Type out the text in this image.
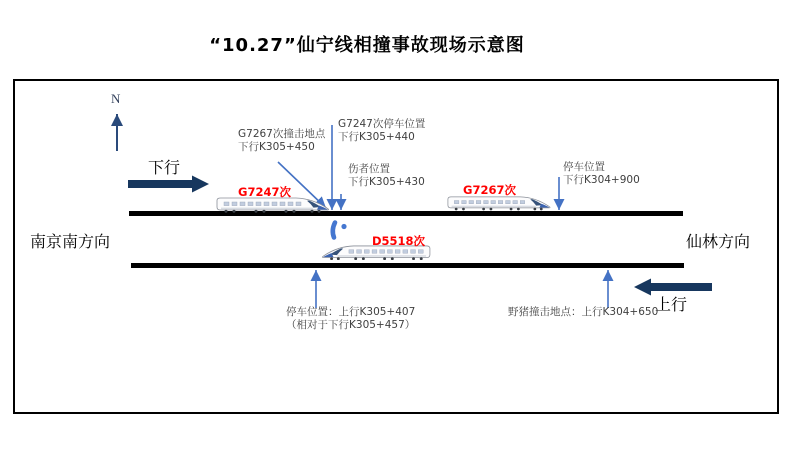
“10.27”仙宁线相撞事故现场示意图
G7247次	G7267次
D5518次
N
下行
上行
南京南方向	仙林方向
G7267次撞击地点
下行K305+450
G7247次停车位置
下行K305+440
伤者位置
下行K305+430
停车位置
下行K304+900
停车位置：上行K305+407
（相对于下行K305+457）
野猪撞击地点：上行K304+650
